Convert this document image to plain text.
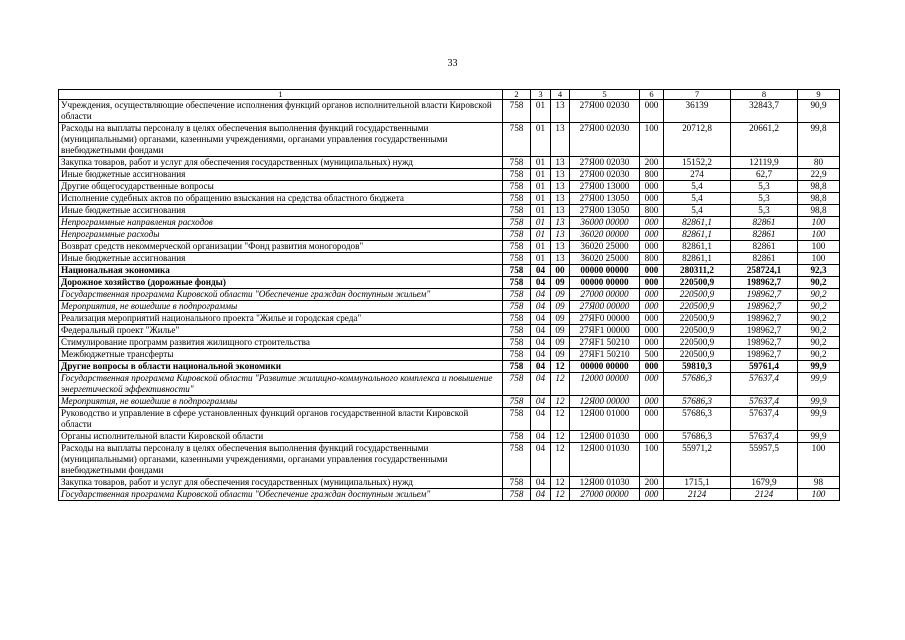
33
1	2	3	4	5	6	7	8	9
Учреждения, осуществляющие обеспечение исполнения функций органов исполнительной власти Кировской области	758	01	13	27Я00 02030	000	36139	32843,7	90,9
Расходы на выплаты персоналу в целях обеспечения выполнения функций государственными (муниципальными) органами, казенными учреждениями, органами управления государственными внебюджетными фондами	758	01	13	27Я00 02030	100	20712,8	20661,2	99,8
Закупка товаров, работ и услуг для обеспечения государственных (муниципальных) нужд	758	01	13	27Я00 02030	200	15152,2	12119,9	80
Иные бюджетные ассигнования	758	01	13	27Я00 02030	800	274	62,7	22,9
Другие общегосударственные вопросы	758	01	13	27Я00 13000	000	5,4	5,3	98,8
Исполнение судебных актов по обращению взыскания на средства областного бюджета	758	01	13	27Я00 13050	000	5,4	5,3	98,8
Иные бюджетные ассигнования	758	01	13	27Я00 13050	800	5,4	5,3	98,8
Непрограммные направления расходов	758	01	13	36000 00000	000	82861,1	82861	100
Непрограммные расходы	758	01	13	36020 00000	000	82861,1	82861	100
Возврат средств некоммерческой организации "Фонд развития моногородов"	758	01	13	36020 25000	000	82861,1	82861	100
Иные бюджетные ассигнования	758	01	13	36020 25000	800	82861,1	82861	100
Национальная экономика	758	04	00	00000 00000	000	280311,2	258724,1	92,3
Дорожное хозяйство (дорожные фонды)	758	04	09	00000 00000	000	220500,9	198962,7	90,2
Государственная программа Кировской области "Обеспечение граждан доступным жильем"	758	04	09	27000 00000	000	220500,9	198962,7	90,2
Мероприятия, не вошедшие в подпрограммы	758	04	09	27Я00 00000	000	220500,9	198962,7	90,2
Реализация мероприятий национального проекта "Жилье и городская среда"	758	04	09	27ЯF0 00000	000	220500,9	198962,7	90,2
Федеральный проект "Жилье"	758	04	09	27ЯF1 00000	000	220500,9	198962,7	90,2
Стимулирование программ развития жилищного строительства	758	04	09	27ЯF1 50210	000	220500,9	198962,7	90,2
Межбюджетные трансферты	758	04	09	27ЯF1 50210	500	220500,9	198962,7	90,2
Другие вопросы в области национальной экономики	758	04	12	00000 00000	000	59810,3	59761,4	99,9
Государственная программа Кировской области "Развитие жилищно-коммунального комплекса и повышение энергетической эффективности"	758	04	12	12000 00000	000	57686,3	57637,4	99,9
Мероприятия, не вошедшие в подпрограммы	758	04	12	12Я00 00000	000	57686,3	57637,4	99,9
Руководство и управление в сфере установленных функций органов государственной власти Кировской области	758	04	12	12Я00 01000	000	57686,3	57637,4	99,9
Органы исполнительной власти Кировской области	758	04	12	12Я00 01030	000	57686,3	57637,4	99,9
Расходы на выплаты персоналу в целях обеспечения выполнения функций государственными (муниципальными) органами, казенными учреждениями, органами управления государственными внебюджетными фондами	758	04	12	12Я00 01030	100	55971,2	55957,5	100
Закупка товаров, работ и услуг для обеспечения государственных (муниципальных) нужд	758	04	12	12Я00 01030	200	1715,1	1679,9	98
Государственная программа Кировской области "Обеспечение граждан доступным жильем"	758	04	12	27000 00000	000	2124	2124	100
